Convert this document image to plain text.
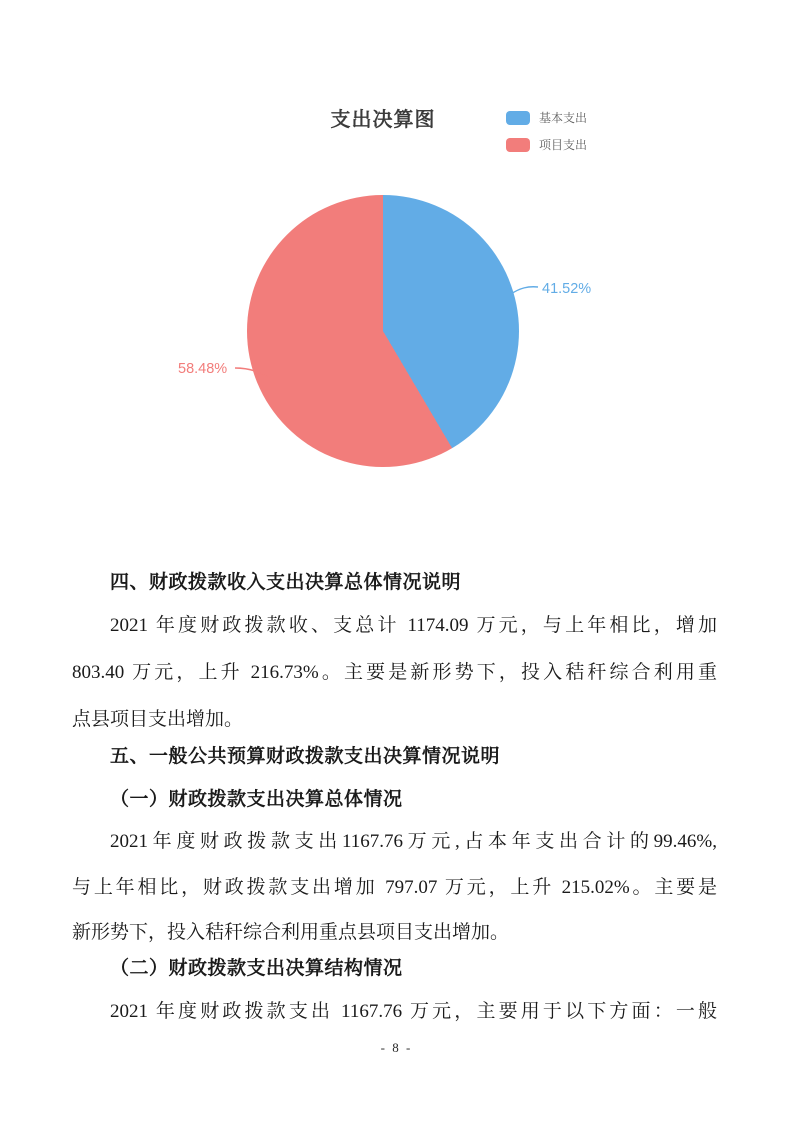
支出决算图	基本支出
项目支出
41.52%
58.48%
四、财政拨款收入支出决算总体情况说明
2021 年度财政拨款收、支总计 1174.09 万元，与上年相比，增加
803.40 万元，上升 216.73%。主要是新形势下，投入秸秆综合利用重
点县项目支出增加。
五、一般公共预算财政拨款支出决算情况说明
（一）财政拨款支出决算总体情况
2021年度财政拨款支出1167.76万元,占本年支出合计的99.46%,
与上年相比，财政拨款支出增加 797.07 万元，上升 215.02%。主要是
新形势下，投入秸秆综合利用重点县项目支出增加。
（二）财政拨款支出决算结构情况
2021 年度财政拨款支出 1167.76 万元，主要用于以下方面：一般
- 8 -
